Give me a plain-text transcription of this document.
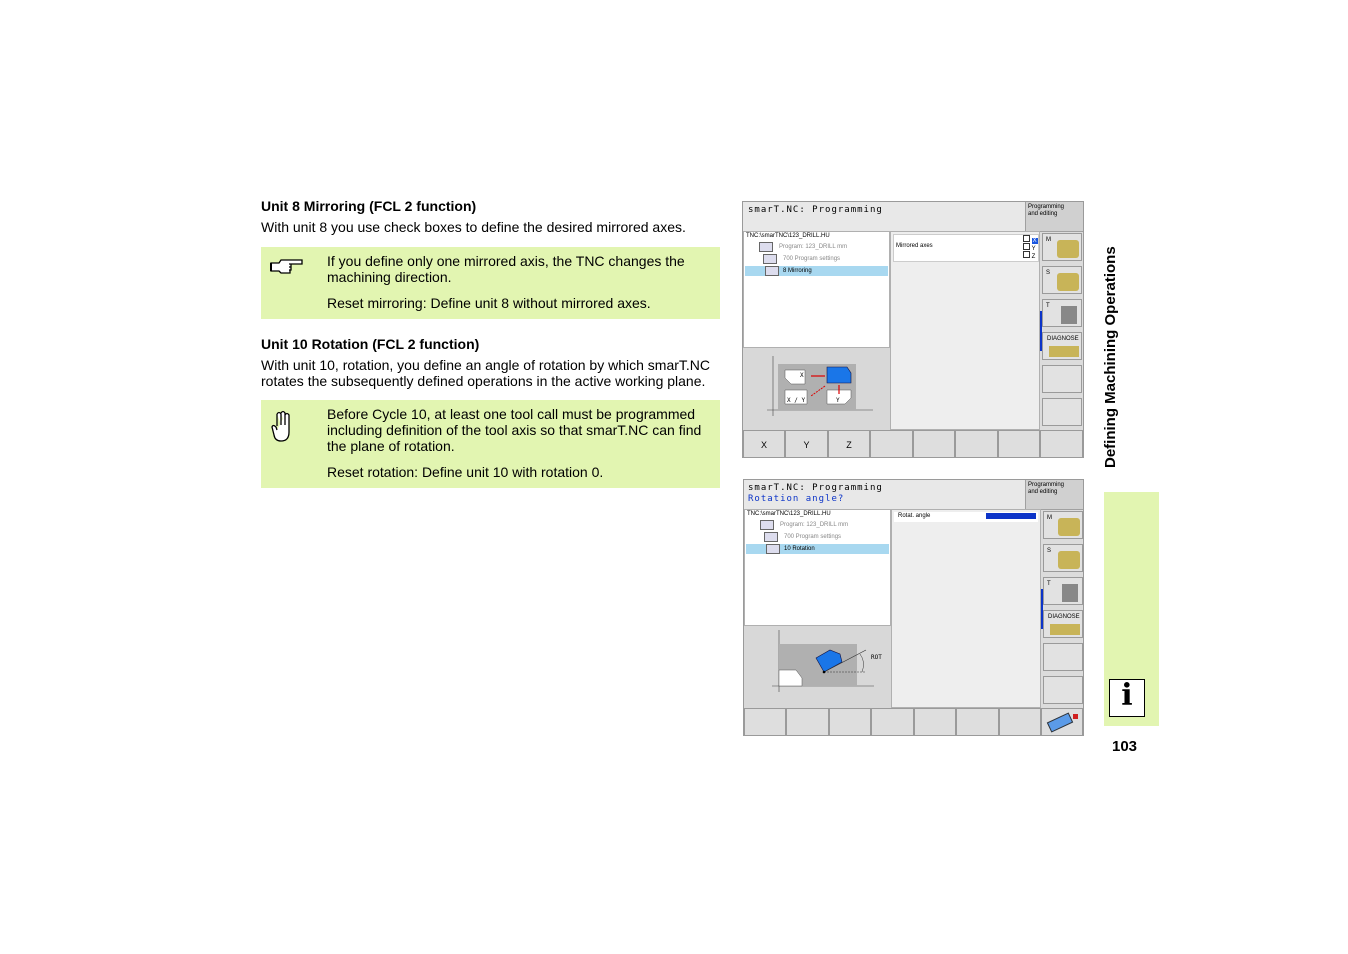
Unit 8 Mirroring (FCL 2 function)
With unit 8 you use check boxes to define the desired mirrored axes.

If you define only one mirrored axis, the TNC changes the
machining direction.

Reset mirroring: Define unit 8 without mirrored axes.

Unit 10 Rotation (FCL 2 function)
With unit 10, rotation, you define an angle of rotation by which smarT.NC
rotates the subsequently defined operations in the active working plane.

Before Cycle 10, at least one tool call must be programmed
including definition of the tool axis so that smarT.NC can find
the plane of rotation.

Reset rotation: Define unit 10 with rotation 0.

smarT.NC: Programming	Programming
and editing
TNC:\smarTNC\123_DRILL.HU
Program: 123_DRILL mm
700 Program settings
8 Mirroring
X
X / Y	Y
Mirrored axes
X
Y
Z
M
S
T
DIAGNOSE
X	Y	Z
smarT.NC: Programming
Rotation angle?
Programming
and editing
TNC:\smarTNC\123_DRILL.HU
Program: 123_DRILL mm
700 Program settings
10 Rotation
ROT
Rotat. angle	M
S
T
DIAGNOSE
Defining Machining Operations
i
103
